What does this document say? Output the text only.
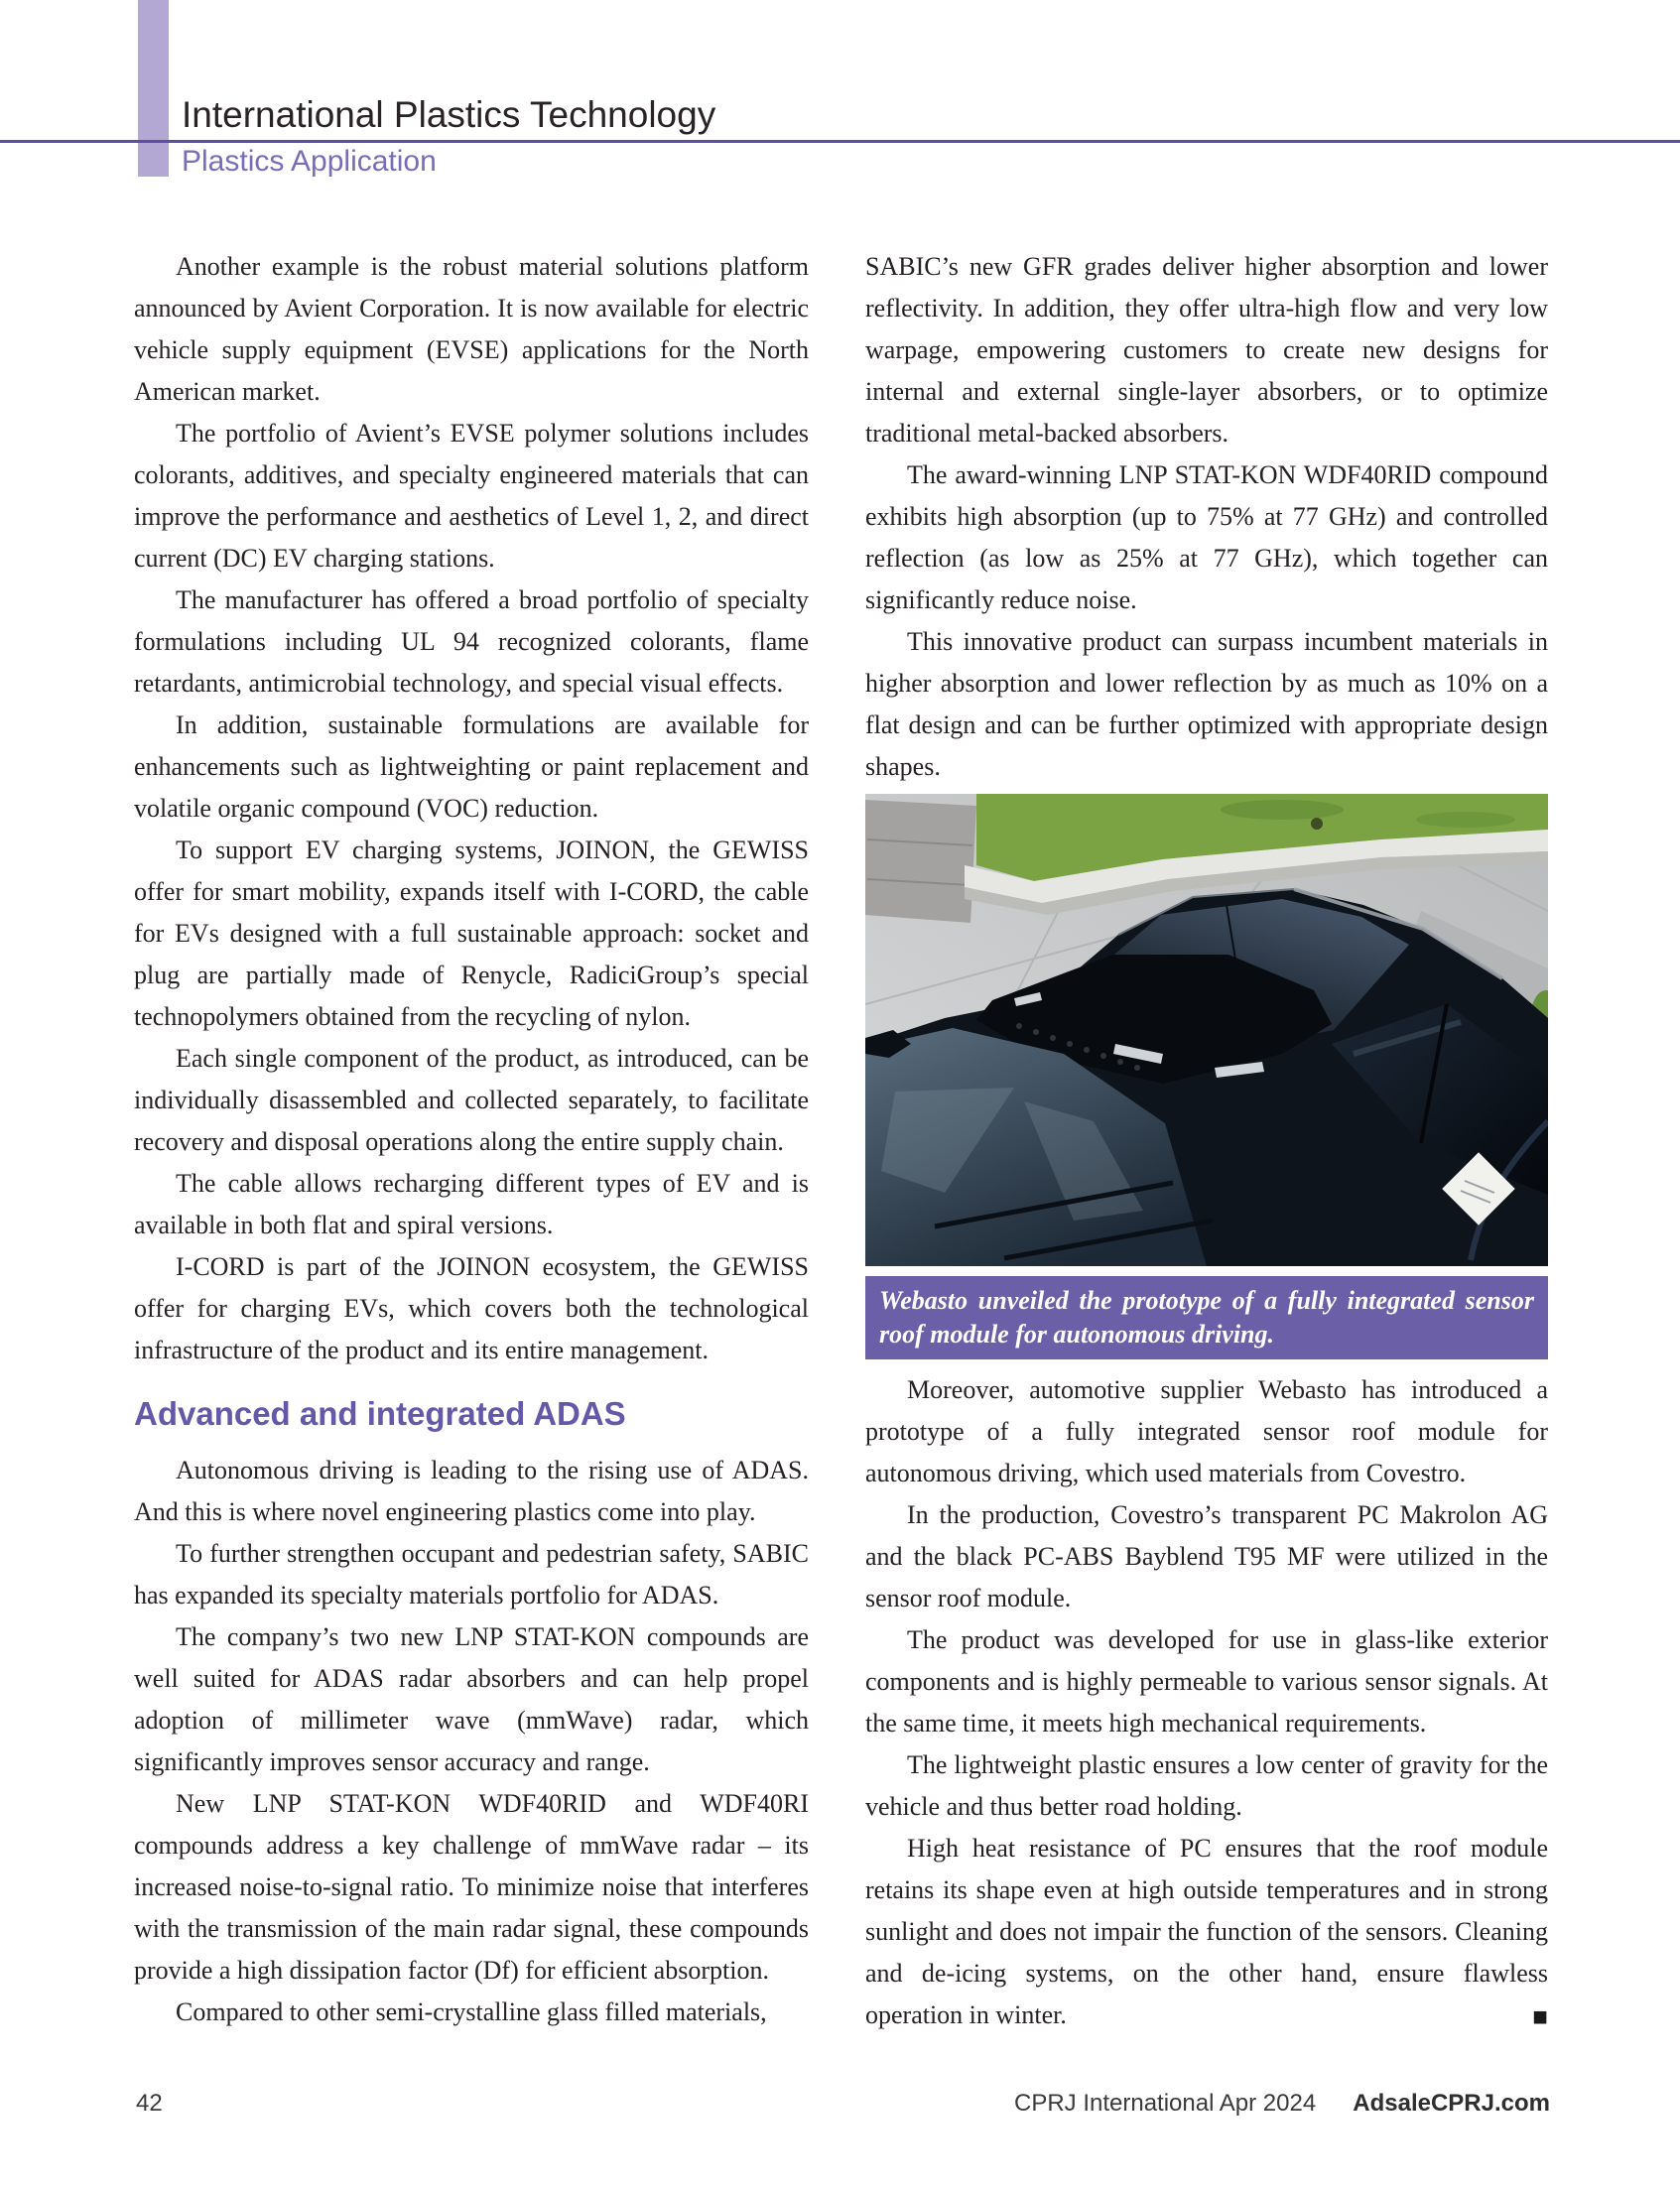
International Plastics Technology
Plastics Application

Another example is the robust material solutions platform announced by Avient Corporation. It is now available for electric vehicle supply equipment (EVSE) applications for the North American market.

The portfolio of Avient’s EVSE polymer solutions includes colorants, additives, and specialty engineered materials that can improve the performance and aesthetics of Level 1, 2, and direct current (DC) EV charging stations.

The manufacturer has offered a broad portfolio of specialty formulations including UL 94 recognized colorants, flame retardants, antimicrobial technology, and special visual effects.

In addition, sustainable formulations are available for enhancements such as lightweighting or paint replacement and volatile organic compound (VOC) reduction.

To support EV charging systems, JOINON, the GEWISS offer for smart mobility, expands itself with I-CORD, the cable for EVs designed with a full sustainable approach: socket and plug are partially made of Renycle, RadiciGroup’s special technopolymers obtained from the recycling of nylon.

Each single component of the product, as introduced, can be individually disassembled and collected separately, to facilitate recovery and disposal operations along the entire supply chain.

The cable allows recharging different types of EV and is available in both flat and spiral versions.

I-CORD is part of the JOINON ecosystem, the GEWISS offer for charging EVs, which covers both the technological infrastructure of the product and its entire management.

Advanced and integrated ADAS

Autonomous driving is leading to the rising use of ADAS. And this is where novel engineering plastics come into play.

To further strengthen occupant and pedestrian safety, SABIC has expanded its specialty materials portfolio for ADAS.

The company’s two new LNP STAT-KON compounds are well suited for ADAS radar absorbers and can help propel adoption of millimeter wave (mmWave) radar, which significantly improves sensor accuracy and range.

New LNP STAT-KON WDF40RID and WDF40RI compounds address a key challenge of mmWave radar – its increased noise-to-signal ratio. To minimize noise that interferes with the transmission of the main radar signal, these compounds provide a high dissipation factor (Df) for efficient absorption.

Compared to other semi-crystalline glass filled materials,

SABIC’s new GFR grades deliver higher absorption and lower reflectivity. In addition, they offer ultra-high flow and very low warpage, empowering customers to create new designs for internal and external single-layer absorbers, or to optimize traditional metal-backed absorbers.

The award-winning LNP STAT-KON WDF40RID compound exhibits high absorption (up to 75% at 77 GHz) and controlled reflection (as low as 25% at 77 GHz), which together can significantly reduce noise.

This innovative product can surpass incumbent materials in higher absorption and lower reflection by as much as 10% on a flat design and can be further optimized with appropriate design shapes.

Webasto unveiled the prototype of a fully integrated sensor roof module for autonomous driving.

Moreover, automotive supplier Webasto has introduced a prototype of a fully integrated sensor roof module for autonomous driving, which used materials from Covestro.

In the production, Covestro’s transparent PC Makrolon AG and the black PC-ABS Bayblend T95 MF were utilized in the sensor roof module.

The product was developed for use in glass-like exterior components and is highly permeable to various sensor signals. At the same time, it meets high mechanical requirements.

The lightweight plastic ensures a low center of gravity for the vehicle and thus better road holding.

High heat resistance of PC ensures that the roof module retains its shape even at high outside temperatures and in strong sunlight and does not impair the function of the sensors. Cleaning and de-icing systems, on the other hand, ensure flawless operation in winter.	■

42	CPRJ International Apr 2024 AdsaleCPRJ.com
